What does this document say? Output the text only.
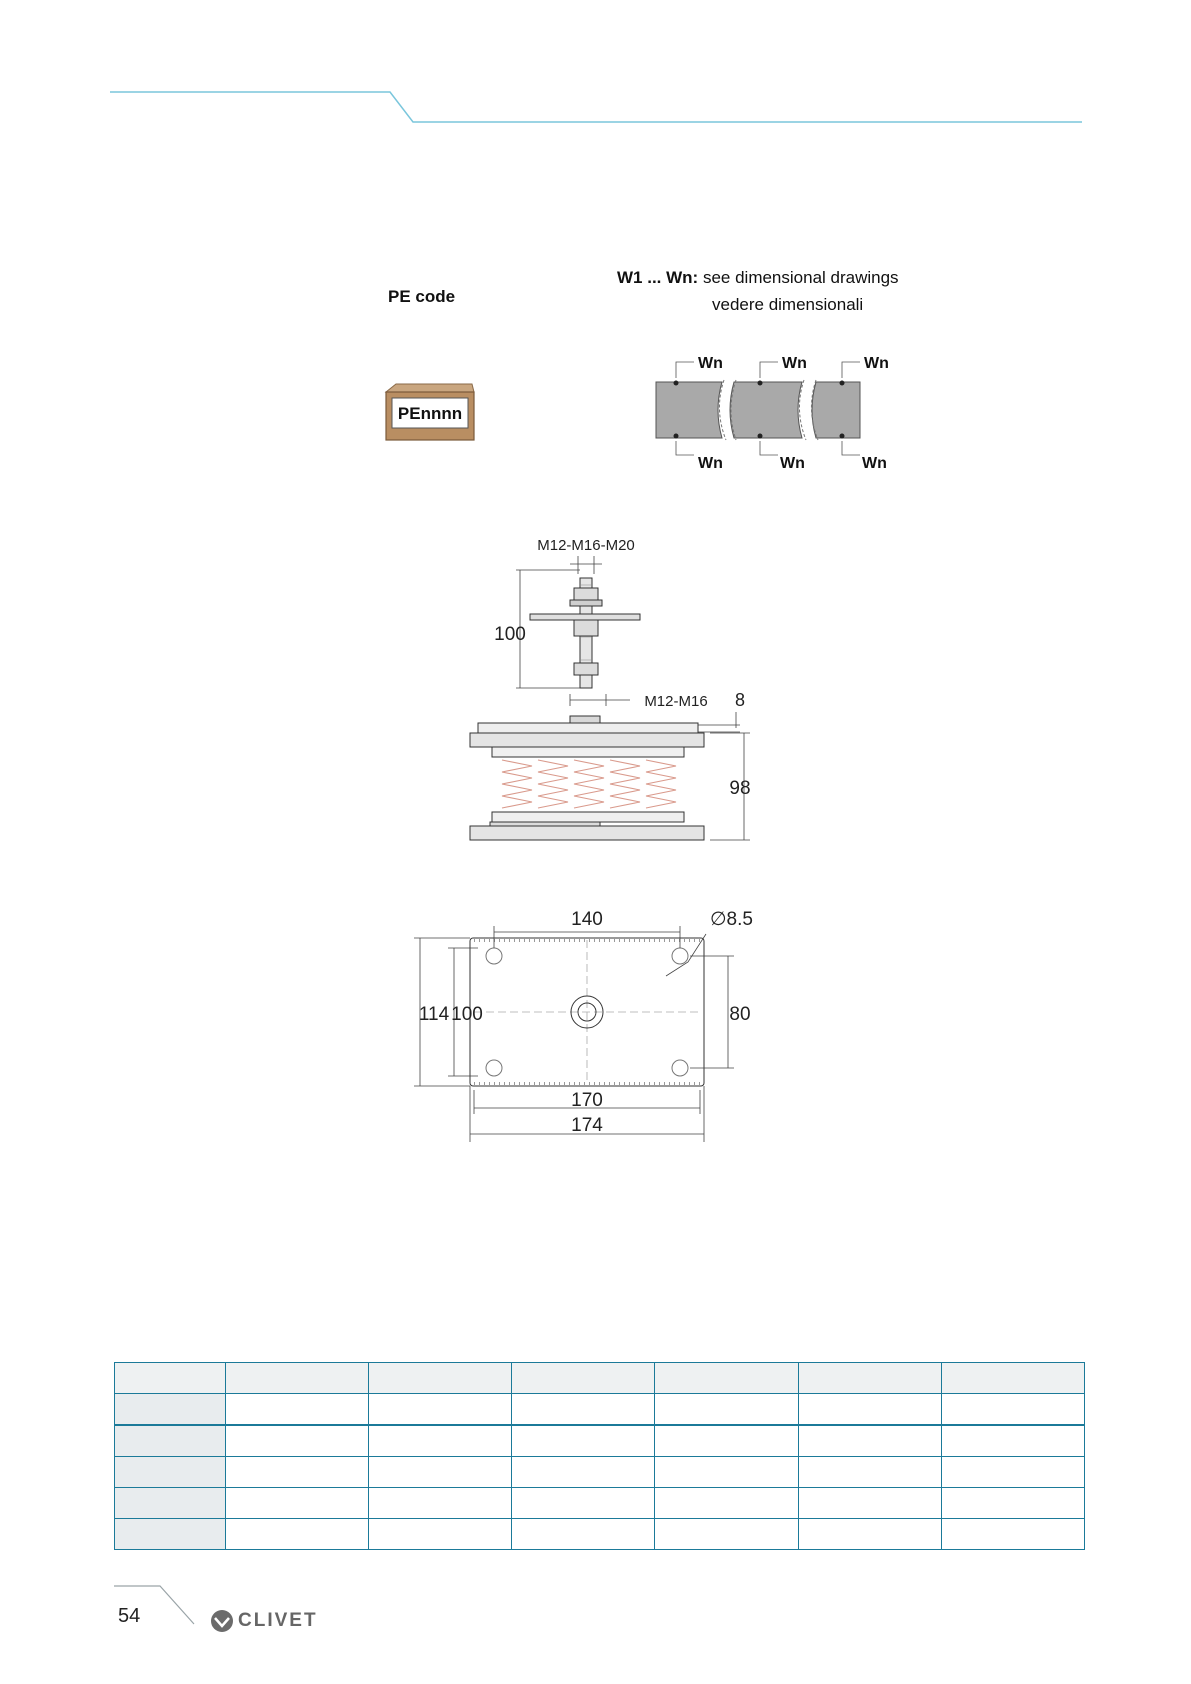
PE code
PEnnnn
W1 ... Wn: see dimensional drawings
vedere dimensionali
Wn	Wn	Wn
Wn	Wn	Wn
M12-M16-M20
100
M12-M16 8
98
140	∅8.5
114 100	80
170
174

54	CLIVET
